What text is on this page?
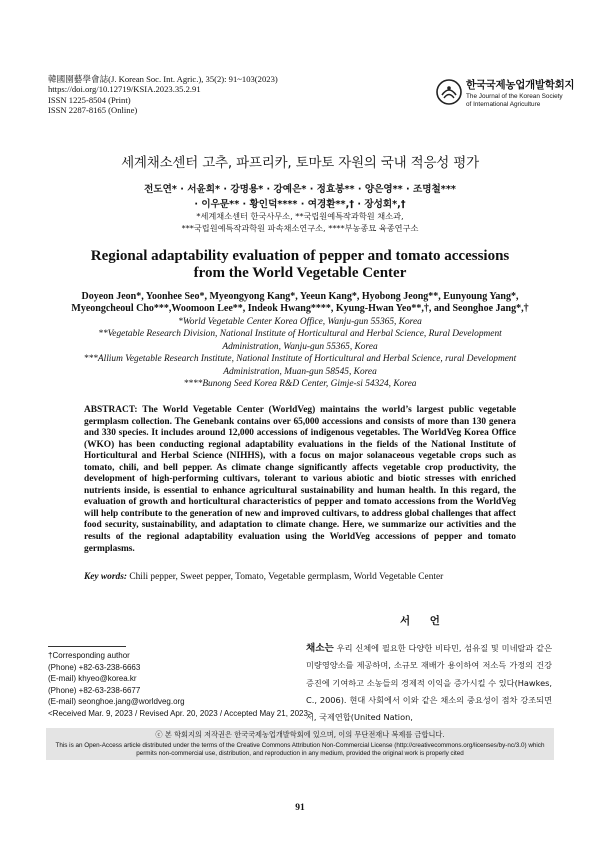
韓國園藝學會誌(J. Korean Soc. Int. Agric.), 35(2): 91~103(2023)
https://doi.org/10.12719/KSIA.2023.35.2.91
ISSN 1225-8504 (Print)
ISSN 2287-8165 (Online)
한국국제농업개발학회지
The Journal of the Korean Society
of International Agriculture
세계채소센터 고추, 파프리카, 토마토 자원의 국내 적응성 평가
전도연* · 서윤희* · 강명용* · 강예은* · 정효봉** · 양은영** · 조명철***
· 이우문** · 황인덕**** · 여경환**,† · 장성회*,†
*세계채소센터 한국사무소, **국립원예특작과학원 채소과,
***국립원예특작과학원 파속채소연구소, ****부농종묘 육종연구소
Regional adaptability evaluation of pepper and tomato accessions
from the World Vegetable Center
Doyeon Jeon*, Yoonhee Seo*, Myeongyong Kang*, Yeeun Kang*, Hyobong Jeong**, Eunyoung Yang*,
Myeongcheoul Cho***,Woomoon Lee**, Indeok Hwang****, Kyung-Hwan Yeo**,†, and Seonghoe Jang*,†
*World Vegetable Center Korea Office, Wanju-gun 55365, Korea
**Vegetable Research Division, National Institute of Horticultural and Herbal Science, Rural Development
Administration, Wanju-gun 55365, Korea
***Allium Vegetable Research Institute, National Institute of Horticultural and Herbal Science, rural Development
Administration, Muan-gun 58545, Korea
****Bunong Seed Korea R&D Center, Gimje-si 54324, Korea
ABSTRACT: The World Vegetable Center (WorldVeg) maintains the world’s largest public vegetable germplasm collection. The Genebank contains over 65,000 accessions and consists of more than 130 genera and 330 species. It includes around 12,000 accessions of indigenous vegetables. The WorldVeg Korea Office (WKO) has been conducting regional adaptability evaluations in the fields of the National Institute of Horticultural and Herbal Science (NIHHS), with a focus on major solanaceous vegetable crops such as tomato, chili, and bell pepper. As climate change significantly affects vegetable crop productivity, the development of high-performing cultivars, tolerant to various abiotic and biotic stresses with enriched nutrients inside, is essential to enhance agricultural sustainability and human health. In this regard, the evaluation of growth and horticultural characteristics of pepper and tomato accessions from the WorldVeg will help contribute to the generation of new and improved cultivars, to address global challenges that affect food security, sustainability, and adaptation to climate change. Here, we summarize our activities and the results of the regional adaptability evaluation using the WorldVeg accessions of pepper and tomato germplasms.
Key words: Chili pepper, Sweet pepper, Tomato, Vegetable germplasm, World Vegetable Center
서 언
†Corresponding author
(Phone) +82-63-238-6663
(E-mail) khyeo@korea.kr
(Phone) +82-63-238-6677
(E-mail) seonghoe.jang@worldveg.org
<Received Mar. 9, 2023 / Revised Apr. 20, 2023 / Accepted May 21, 2023>
채소는 우리 신체에 필요한 다양한 비타민, 섬유질 및 미네랄과 같은 미량영양소를 제공하며, 소규모 재배가 용이하여 저소득 가정의 건강증진에 기여하고 소농들의 경제적 이익을 증가시킬 수 있다(Hawkes, C., 2006). 현대 사회에서 이와 같은 채소의 중요성이 점차 강조되면서, 국제연합(United Nation,
ⓒ 본 학회지의 저작권은 한국국제농업개발학회에 있으며, 이의 무단전재나 복제를 금합니다.
This is an Open-Access article distributed under the terms of the Creative Commons Attribution Non-Commercial License (http://creativecommons.org/licenses/by-nc/3.0) which
permits non-commercial use, distribution, and reproduction in any medium, provided the original work is properly cited
91
